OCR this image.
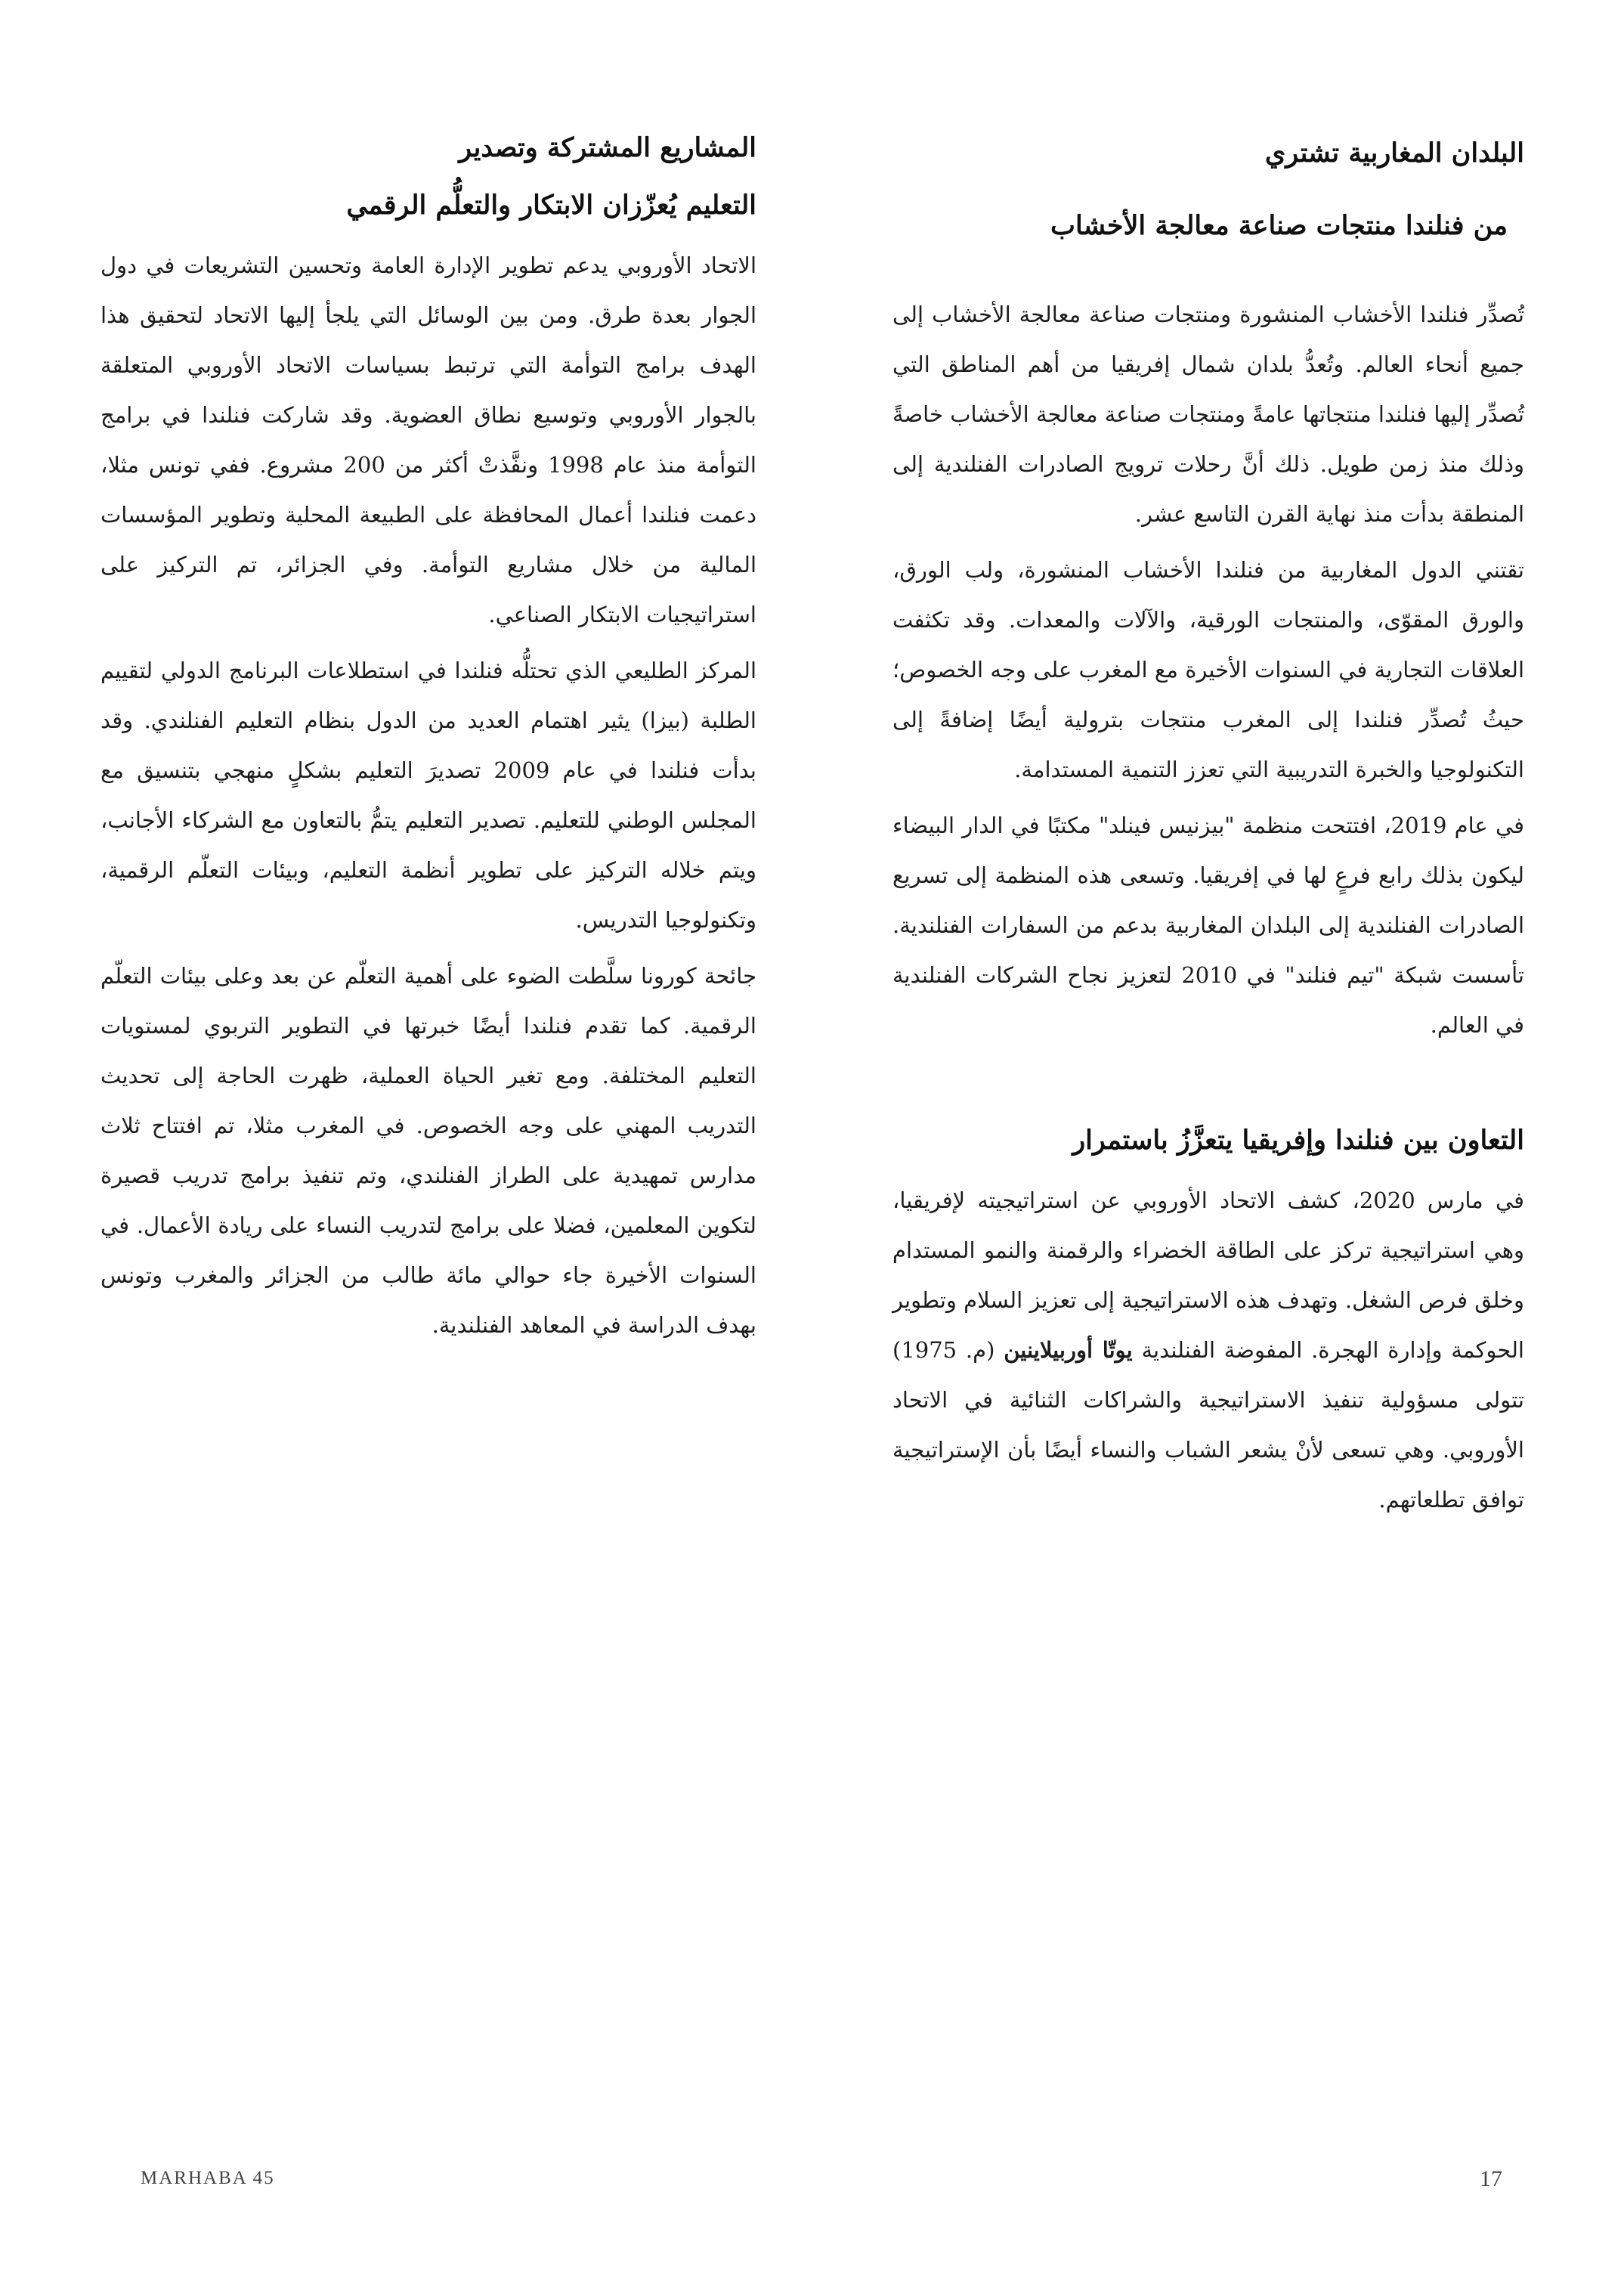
البلدان المغاربية تشتري
من فنلندا منتجات صناعة معالجة الأخشاب

تُصدِّر فنلندا الأخشاب المنشورة ومنتجات صناعة معالجة الأخشاب إلى جميع أنحاء العالم. وتُعدُّ بلدان شمال إفريقيا من أهم المناطق التي تُصدِّر إليها فنلندا منتجاتها عامةً ومنتجات صناعة معالجة الأخشاب خاصةً وذلك منذ زمن طويل. ذلك أنَّ رحلات ترويج الصادرات الفنلندية إلى المنطقة بدأت منذ نهاية القرن التاسع عشر.

تقتني الدول المغاربية من فنلندا الأخشاب المنشورة، ولب الورق، والورق المقوّى، والمنتجات الورقية، والآلات والمعدات. وقد تكثفت العلاقات التجارية في السنوات الأخيرة مع المغرب على وجه الخصوص؛ حيثُ تُصدِّر فنلندا إلى المغرب منتجات بترولية أيضًا إضافةً إلى التكنولوجيا والخبرة التدريبية التي تعزز التنمية المستدامة.

في عام 2019، افتتحت منظمة "بيزنيس فينلد" مكتبًا في الدار البيضاء ليكون بذلك رابع فرعٍ لها في إفريقيا. وتسعى هذه المنظمة إلى تسريع الصادرات الفنلندية إلى البلدان المغاربية بدعم من السفارات الفنلندية. تأسست شبكة "تيم فنلند" في 2010 لتعزيز نجاح الشركات الفنلندية في العالم.

التعاون بين فنلندا وإفريقيا يتعزَّزُ باستمرار

في مارس 2020، كشف الاتحاد الأوروبي عن استراتيجيته لإفريقيا، وهي استراتيجية تركز على الطاقة الخضراء والرقمنة والنمو المستدام وخلق فرص الشغل. وتهدف هذه الاستراتيجية إلى تعزيز السلام وتطوير الحوكمة وإدارة الهجرة. المفوضة الفنلندية يوتّا أوربيلاينين (م. 1975) تتولى مسؤولية تنفيذ الاستراتيجية والشراكات الثنائية في الاتحاد الأوروبي. وهي تسعى لأنْ يشعر الشباب والنساء أيضًا بأن الإستراتيجية توافق تطلعاتهم.

المشاريع المشتركة وتصدير
التعليم يُعزّزان الابتكار والتعلُّم الرقمي

الاتحاد الأوروبي يدعم تطوير الإدارة العامة وتحسين التشريعات في دول الجوار بعدة طرق. ومن بين الوسائل التي يلجأ إليها الاتحاد لتحقيق هذا الهدف برامج التوأمة التي ترتبط بسياسات الاتحاد الأوروبي المتعلقة بالجوار الأوروبي وتوسيع نطاق العضوية. وقد شاركت فنلندا في برامج التوأمة منذ عام 1998 ونفَّذتْ أكثر من 200 مشروع. ففي تونس مثلا، دعمت فنلندا أعمال المحافظة على الطبيعة المحلية وتطوير المؤسسات المالية من خلال مشاريع التوأمة. وفي الجزائر، تم التركيز على استراتيجيات الابتكار الصناعي.

المركز الطليعي الذي تحتلُّه فنلندا في استطلاعات البرنامج الدولي لتقييم الطلبة (بيزا) يثير اهتمام العديد من الدول بنظام التعليم الفنلندي. وقد بدأت فنلندا في عام 2009 تصديرَ التعليم بشكلٍ منهجي بتنسيق مع المجلس الوطني للتعليم. تصدير التعليم يتمُّ بالتعاون مع الشركاء الأجانب، ويتم خلاله التركيز على تطوير أنظمة التعليم، وبيئات التعلّم الرقمية، وتكنولوجيا التدريس.

جائحة كورونا سلَّطت الضوء على أهمية التعلّم عن بعد وعلى بيئات التعلّم الرقمية. كما تقدم فنلندا أيضًا خبرتها في التطوير التربوي لمستويات التعليم المختلفة. ومع تغير الحياة العملية، ظهرت الحاجة إلى تحديث التدريب المهني على وجه الخصوص. في المغرب مثلا، تم افتتاح ثلاث مدارس تمهيدية على الطراز الفنلندي، وتم تنفيذ برامج تدريب قصيرة لتكوين المعلمين، فضلا على برامج لتدريب النساء على ريادة الأعمال. في السنوات الأخيرة جاء حوالي مائة طالب من الجزائر والمغرب وتونس بهدف الدراسة في المعاهد الفنلندية.

MARHABA 45	17
